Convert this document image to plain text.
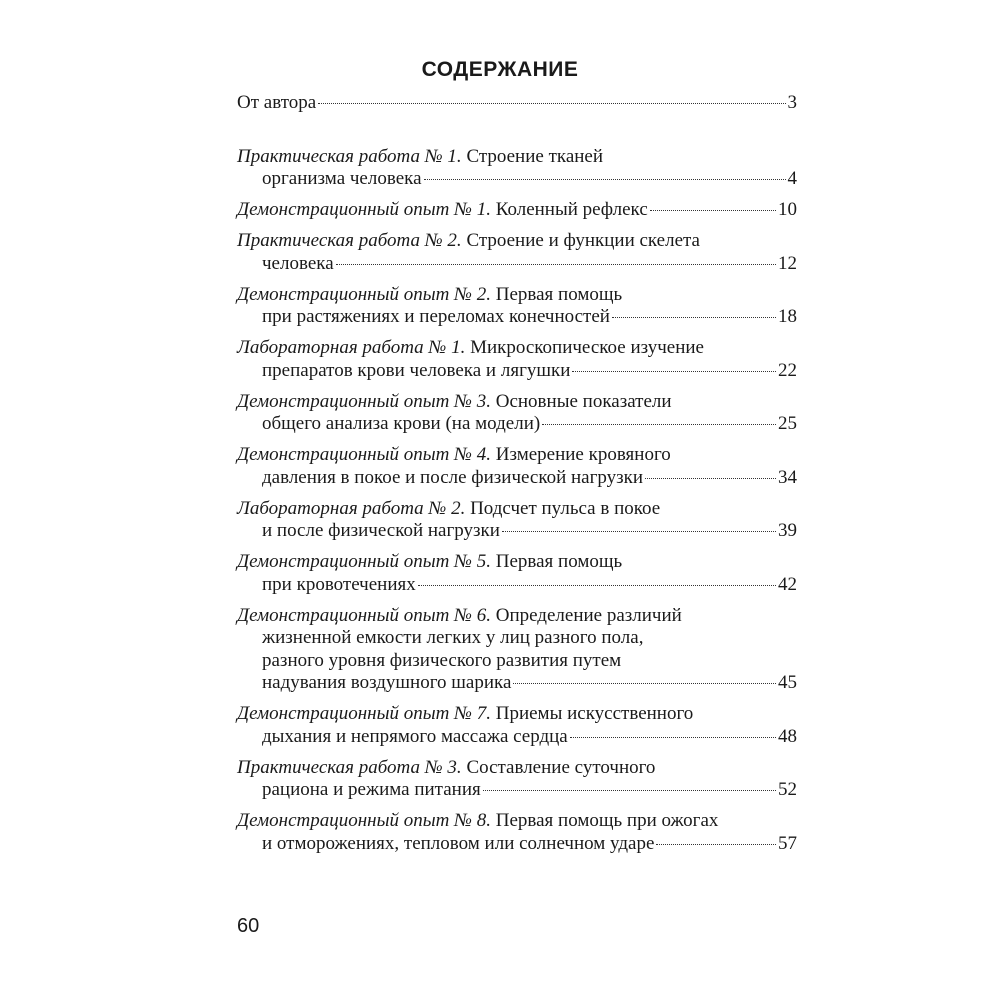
СОДЕРЖАНИЕ
От автора	3
Практическая работа № 1. Строение тканей
организма человека	4
Демонстрационный опыт № 1. Коленный рефлекс	10
Практическая работа № 2. Строение и функции скелета
человека	12
Демонстрационный опыт № 2. Первая помощь
при растяжениях и переломах конечностей	18
Лабораторная работа № 1. Микроскопическое изучение
препаратов крови человека и лягушки	22
Демонстрационный опыт № 3. Основные показатели
общего анализа крови (на модели)	25
Демонстрационный опыт № 4. Измерение кровяного
давления в покое и после физической нагрузки	34
Лабораторная работа № 2. Подсчет пульса в покое
и после физической нагрузки	39
Демонстрационный опыт № 5. Первая помощь
при кровотечениях	42
Демонстрационный опыт № 6. Определение различий
жизненной емкости легких у лиц разного пола,
разного уровня физического развития путем
надувания воздушного шарика	45
Демонстрационный опыт № 7. Приемы искусственного
дыхания и непрямого массажа сердца	48
Практическая работа № 3. Составление суточного
рациона и режима питания	52
Демонстрационный опыт № 8. Первая помощь при ожогах
и отморожениях, тепловом или солнечном ударе	57
60
